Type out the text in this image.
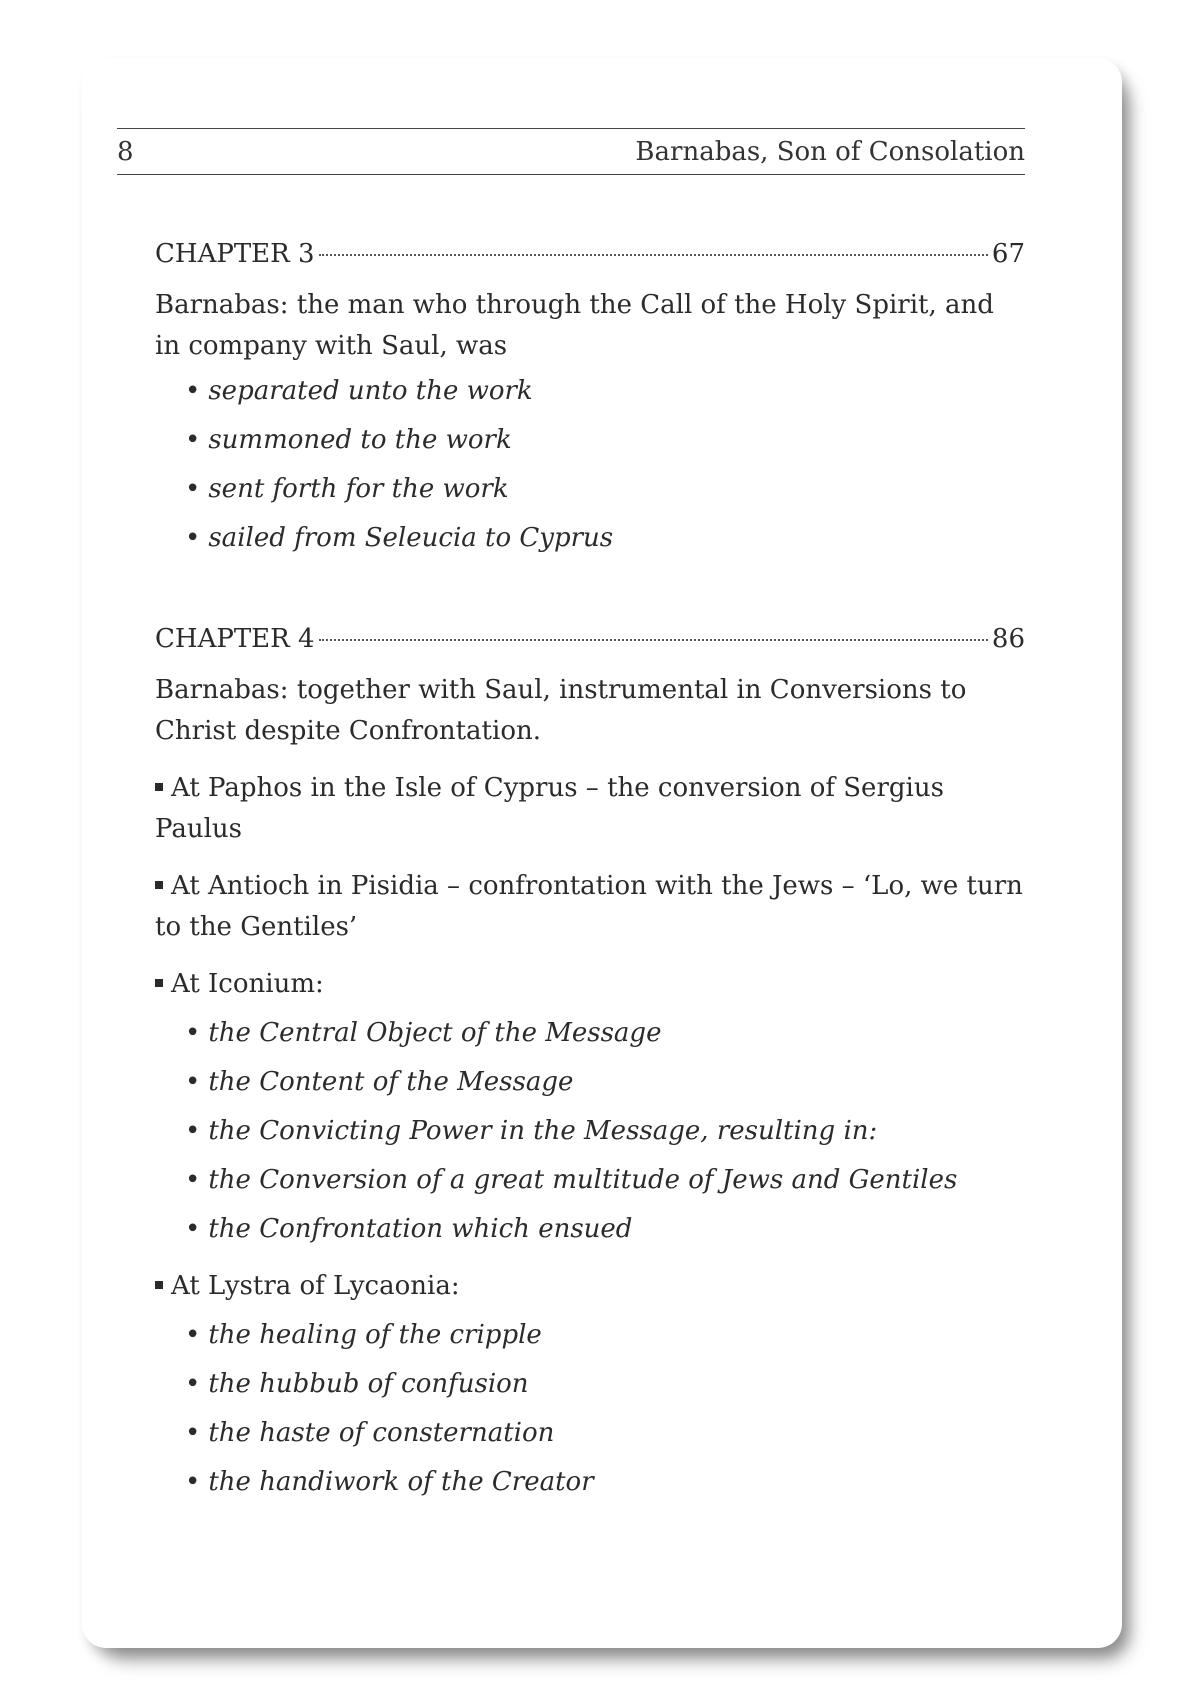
8	Barnabas, Son of Consolation
CHAPTER 3	67

Barnabas: the man who through the Call of the Holy Spirit, and in company with Saul, was

• separated unto the work
• summoned to the work
• sent forth for the work
• sailed from Seleucia to Cyprus
CHAPTER 4	86

Barnabas: together with Saul, instrumental in Conversions to Christ despite Confrontation.

At Paphos in the Isle of Cyprus – the conversion of Sergius Paulus
At Antioch in Pisidia – confrontation with the Jews – ‘Lo, we turn to the Gentiles’
At Iconium:
• the Central Object of the Message
• the Content of the Message
• the Convicting Power in the Message, resulting in:
• the Conversion of a great multitude of Jews and Gentiles
• the Confrontation which ensued
At Lystra of Lycaonia:
• the healing of the cripple
• the hubbub of confusion
• the haste of consternation
• the handiwork of the Creator
